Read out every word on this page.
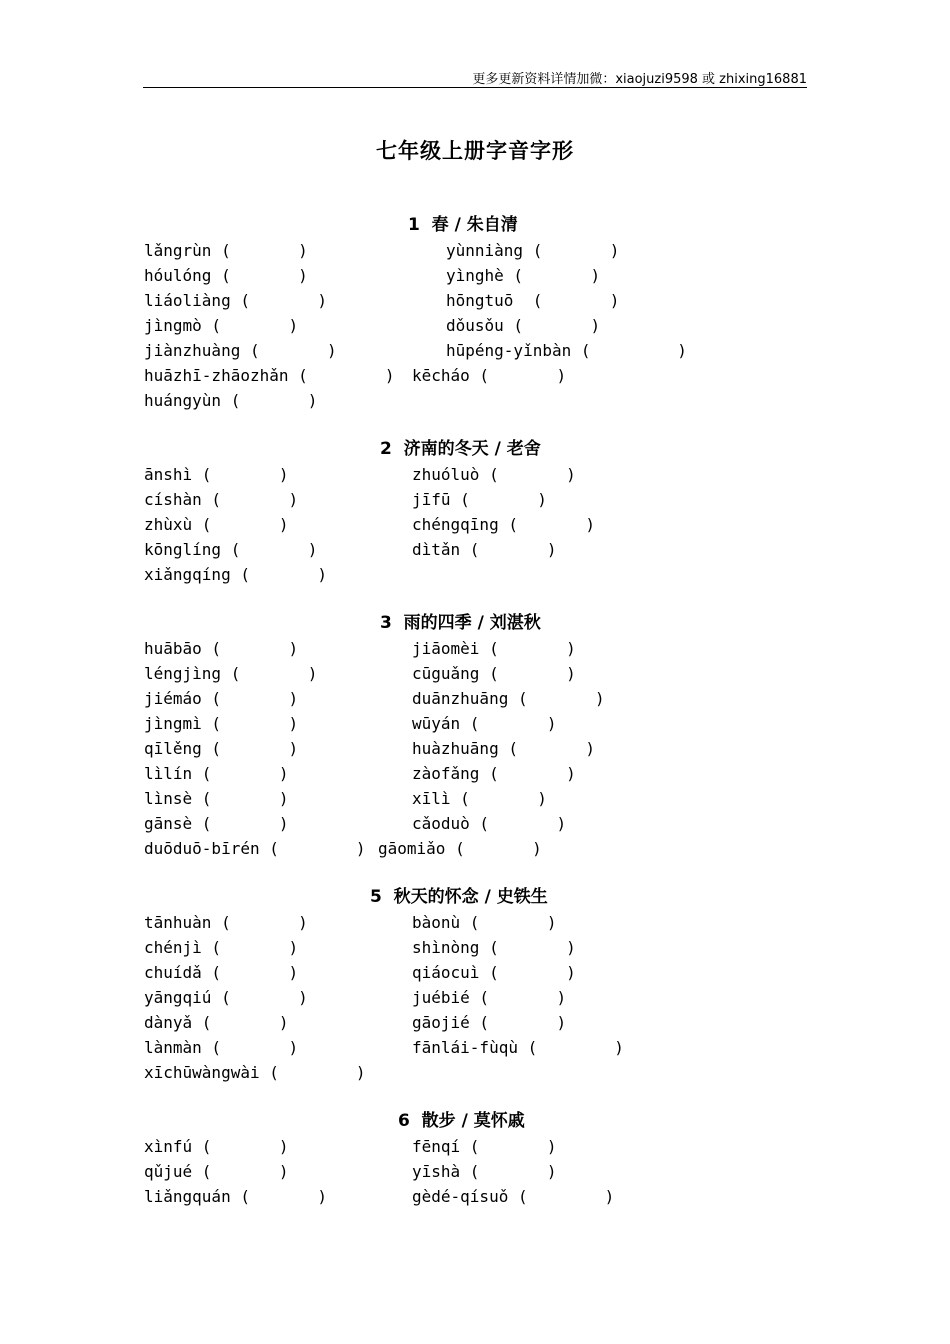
更多更新资料详情加微：xiaojuzi9598 或 zhixing16881
七年级上册字音字形
1  春 / 朱自清
lǎngrùn (       )
hóulóng (       )
liáoliàng (       )
jìngmò (       )
jiànzhuàng (       )
huāzhī-zhāozhǎn (        )
huángyùn (       )
yùnniàng (       )
yìnghè (       )
hōngtuō  (       )
dǒusǒu (       )
hūpéng-yǐnbàn (         )
kēcháo (       )
2  济南的冬天 / 老舍
ānshì (       )
císhàn (       )
zhùxù (       )
kōnglíng (       )
xiǎngqíng (       )
zhuóluò (       )
jīfū (       )
chéngqīng (       )
dìtǎn (       )
3  雨的四季 / 刘湛秋
huābāo (       )
léngjìng (       )
jiémáo (       )
jìngmì (       )
qīlěng (       )
lìlín (       )
lìnsè (       )
gānsè (       )
duōduō-bīrén (        )
jiāomèi (       )
cūguǎng (       )
duānzhuāng (       )
wūyán (       )
huàzhuāng (       )
zàofǎng (       )
xīlì (       )
cǎoduò (       )
gāomiǎo (       )
5  秋天的怀念 / 史铁生
tānhuàn (       )
chénjì (       )
chuídǎ (       )
yāngqiú (       )
dànyǎ (       )
lànmàn (       )
xīchūwàngwài (        )
bàonù (       )
shìnòng (       )
qiáocuì (       )
juébié (       )
gāojié (       )
fānlái-fùqù (        )
6  散步 / 莫怀戚
xìnfú (       )
qǔjué (       )
liǎngquán (       )
fēnqí (       )
yīshà (       )
gèdé-qísuǒ (        )
